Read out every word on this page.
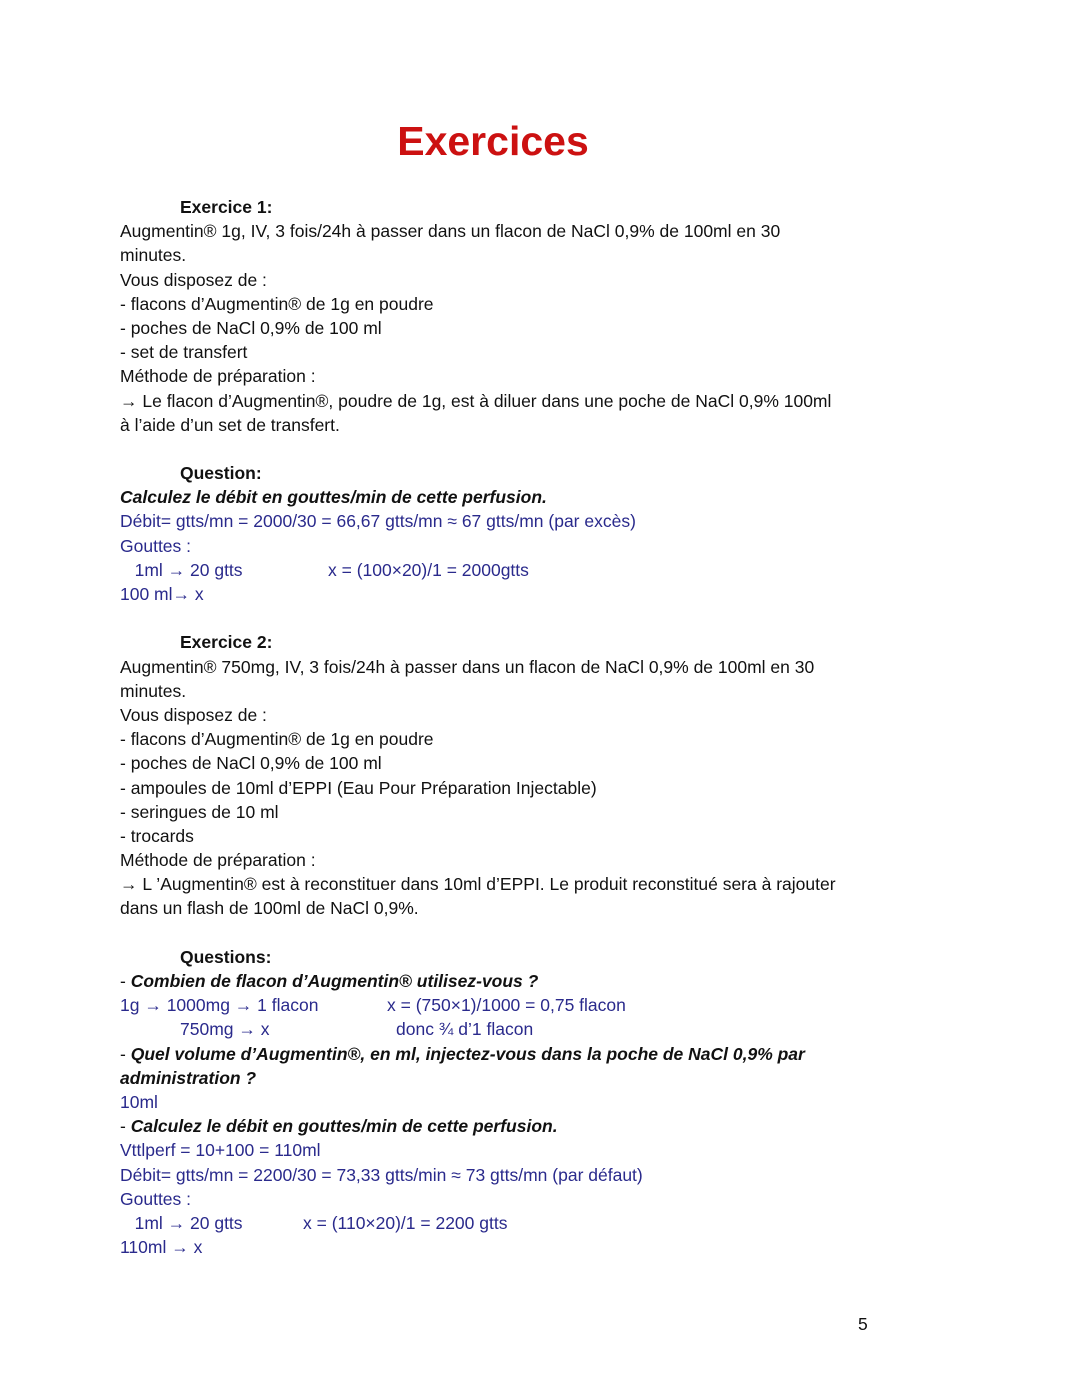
Exercices
Exercice 1:
Augmentin® 1g, IV, 3 fois/24h à passer dans un flacon de NaCl 0,9% de 100ml en 30
minutes.
Vous disposez de :
- flacons d’Augmentin® de 1g en poudre
- poches de NaCl 0,9% de 100 ml
- set de transfert
Méthode de préparation :
→ Le flacon d’Augmentin®, poudre de 1g, est à diluer dans une poche de NaCl 0,9% 100ml
à l’aide d’un set de transfert.
Question:
Calculez le débit en gouttes/min de cette perfusion.
Débit= gtts/mn = 2000/30 = 66,67 gtts/mn ≈ 67 gtts/mn (par excès)
Gouttes :
1ml → 20 gtts	x = (100×20)/1 = 2000gtts
100 ml→ x
Exercice 2:
Augmentin® 750mg, IV, 3 fois/24h à passer dans un flacon de NaCl 0,9% de 100ml en 30
minutes.
Vous disposez de :
- flacons d’Augmentin® de 1g en poudre
- poches de NaCl 0,9% de 100 ml
- ampoules de 10ml d’EPPI (Eau Pour Préparation Injectable)
- seringues de 10 ml
- trocards
Méthode de préparation :
→ L ’Augmentin® est à reconstituer dans 10ml d’EPPI. Le produit reconstitué sera à rajouter
dans un flash de 100ml de NaCl 0,9%.
Questions:
- Combien de flacon d’Augmentin® utilisez-vous ?
1g → 1000mg → 1 flacon	x = (750×1)/1000 = 0,75 flacon
750mg → x	donc ¾ d’1 flacon
- Quel volume d’Augmentin®, en ml, injectez-vous dans la poche de NaCl 0,9% par
administration ?
10ml
- Calculez le débit en gouttes/min de cette perfusion.
Vttlperf = 10+100 = 110ml
Débit= gtts/mn = 2200/30 = 73,33 gtts/min ≈ 73 gtts/mn (par défaut)
Gouttes :
1ml → 20 gtts	x = (110×20)/1 = 2200 gtts
110ml → x
5
